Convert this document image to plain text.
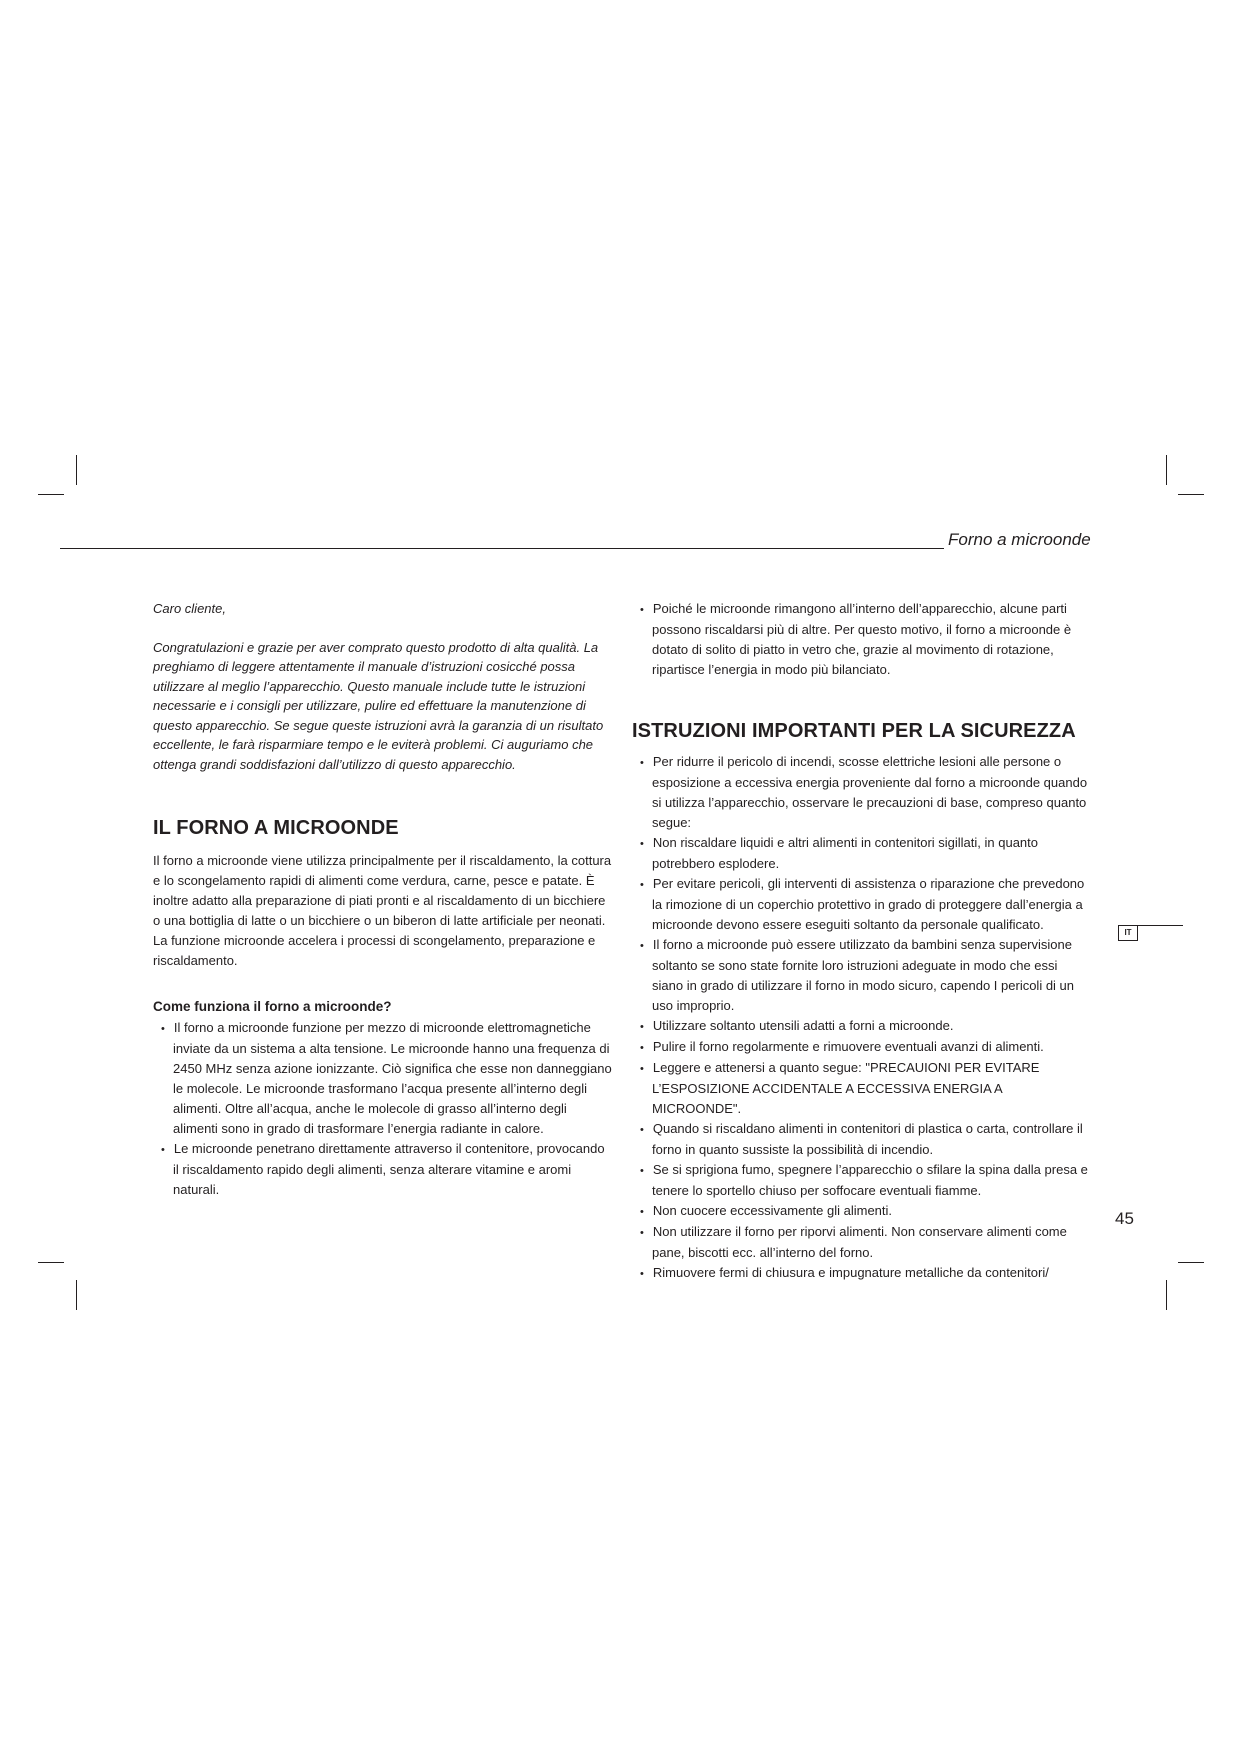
Forno a microonde

Caro cliente,

Congratulazioni e grazie per aver comprato questo prodotto di alta qualità. La preghiamo di leggere attentamente il manuale d’istruzioni cosicché possa utilizzare al meglio l’apparecchio. Questo manuale include tutte le istruzioni necessarie e i consigli per utilizzare, pulire ed effettuare la manutenzione di questo apparecchio. Se segue queste istruzioni avrà la garanzia di un risultato eccellente, le farà risparmiare tempo e le eviterà problemi. Ci auguriamo che ottenga grandi soddisfazioni dall’utilizzo di questo apparecchio.

IL FORNO A MICROONDE

Il forno a microonde viene utilizza principalmente per il riscaldamento, la cottura e lo scongelamento rapidi di alimenti come verdura, carne, pesce e patate. È inoltre adatto alla preparazione di piati pronti e al riscaldamento di un bicchiere o una bottiglia di latte o un bicchiere o un biberon di latte artificiale per neonati. La funzione microonde accelera i processi di scongelamento, preparazione e riscaldamento.

Come funziona il forno a microonde?
• Il forno a microonde funzione per mezzo di microonde elettromagnetiche inviate da un sistema a alta tensione. Le microonde hanno una frequenza di 2450 MHz senza azione ionizzante. Ciò significa che esse non danneggiano le molecole. Le microonde trasformano l’acqua presente all’interno degli alimenti. Oltre all’acqua, anche le molecole di grasso all’interno degli alimenti sono in grado di trasformare l’energia radiante in calore.
• Le microonde penetrano direttamente attraverso il contenitore, provocando il riscaldamento rapido degli alimenti, senza alterare vitamine e aromi naturali.
• Poiché le microonde rimangono all’interno dell’apparecchio, alcune parti possono riscaldarsi più di altre. Per questo motivo, il forno a microonde è dotato di solito di piatto in vetro che, grazie al movimento di rotazione, ripartisce l’energia in modo più bilanciato.
ISTRUZIONI IMPORTANTI PER LA SICUREZZA
• Per ridurre il pericolo di incendi, scosse elettriche lesioni alle persone o esposizione a eccessiva energia proveniente dal forno a microonde quando si utilizza l’apparecchio, osservare le precauzioni di base, compreso quanto segue:
• Non riscaldare liquidi e altri alimenti in contenitori sigillati, in quanto potrebbero esplodere.
• Per evitare pericoli, gli interventi di assistenza o riparazione che prevedono la rimozione di un coperchio protettivo in grado di proteggere dall’energia a microonde devono essere eseguiti soltanto da personale qualificato.
• Il forno a microonde può essere utilizzato da bambini senza supervisione soltanto se sono state fornite loro istruzioni adeguate in modo che essi siano in grado di utilizzare il forno in modo sicuro, capendo I pericoli di un uso improprio.
• Utilizzare soltanto utensili adatti a forni a microonde.
• Pulire il forno regolarmente e rimuovere eventuali avanzi di alimenti.
• Leggere e attenersi a quanto segue: "PRECAUIONI PER EVITARE L’ESPOSIZIONE ACCIDENTALE A ECCESSIVA ENERGIA A MICROONDE".
• Quando si riscaldano alimenti in contenitori di plastica o carta, controllare il forno in quanto sussiste la possibilità di incendio.
• Se si sprigiona fumo, spegnere l’apparecchio o sfilare la spina dalla presa e tenere lo sportello chiuso per soffocare eventuali fiamme.
• Non cuocere eccessivamente gli alimenti.
• Non utilizzare il forno per riporvi alimenti. Non conservare alimenti come pane, biscotti ecc. all’interno del forno.
• Rimuovere fermi di chiusura e impugnature metalliche da contenitori/
IT
45
